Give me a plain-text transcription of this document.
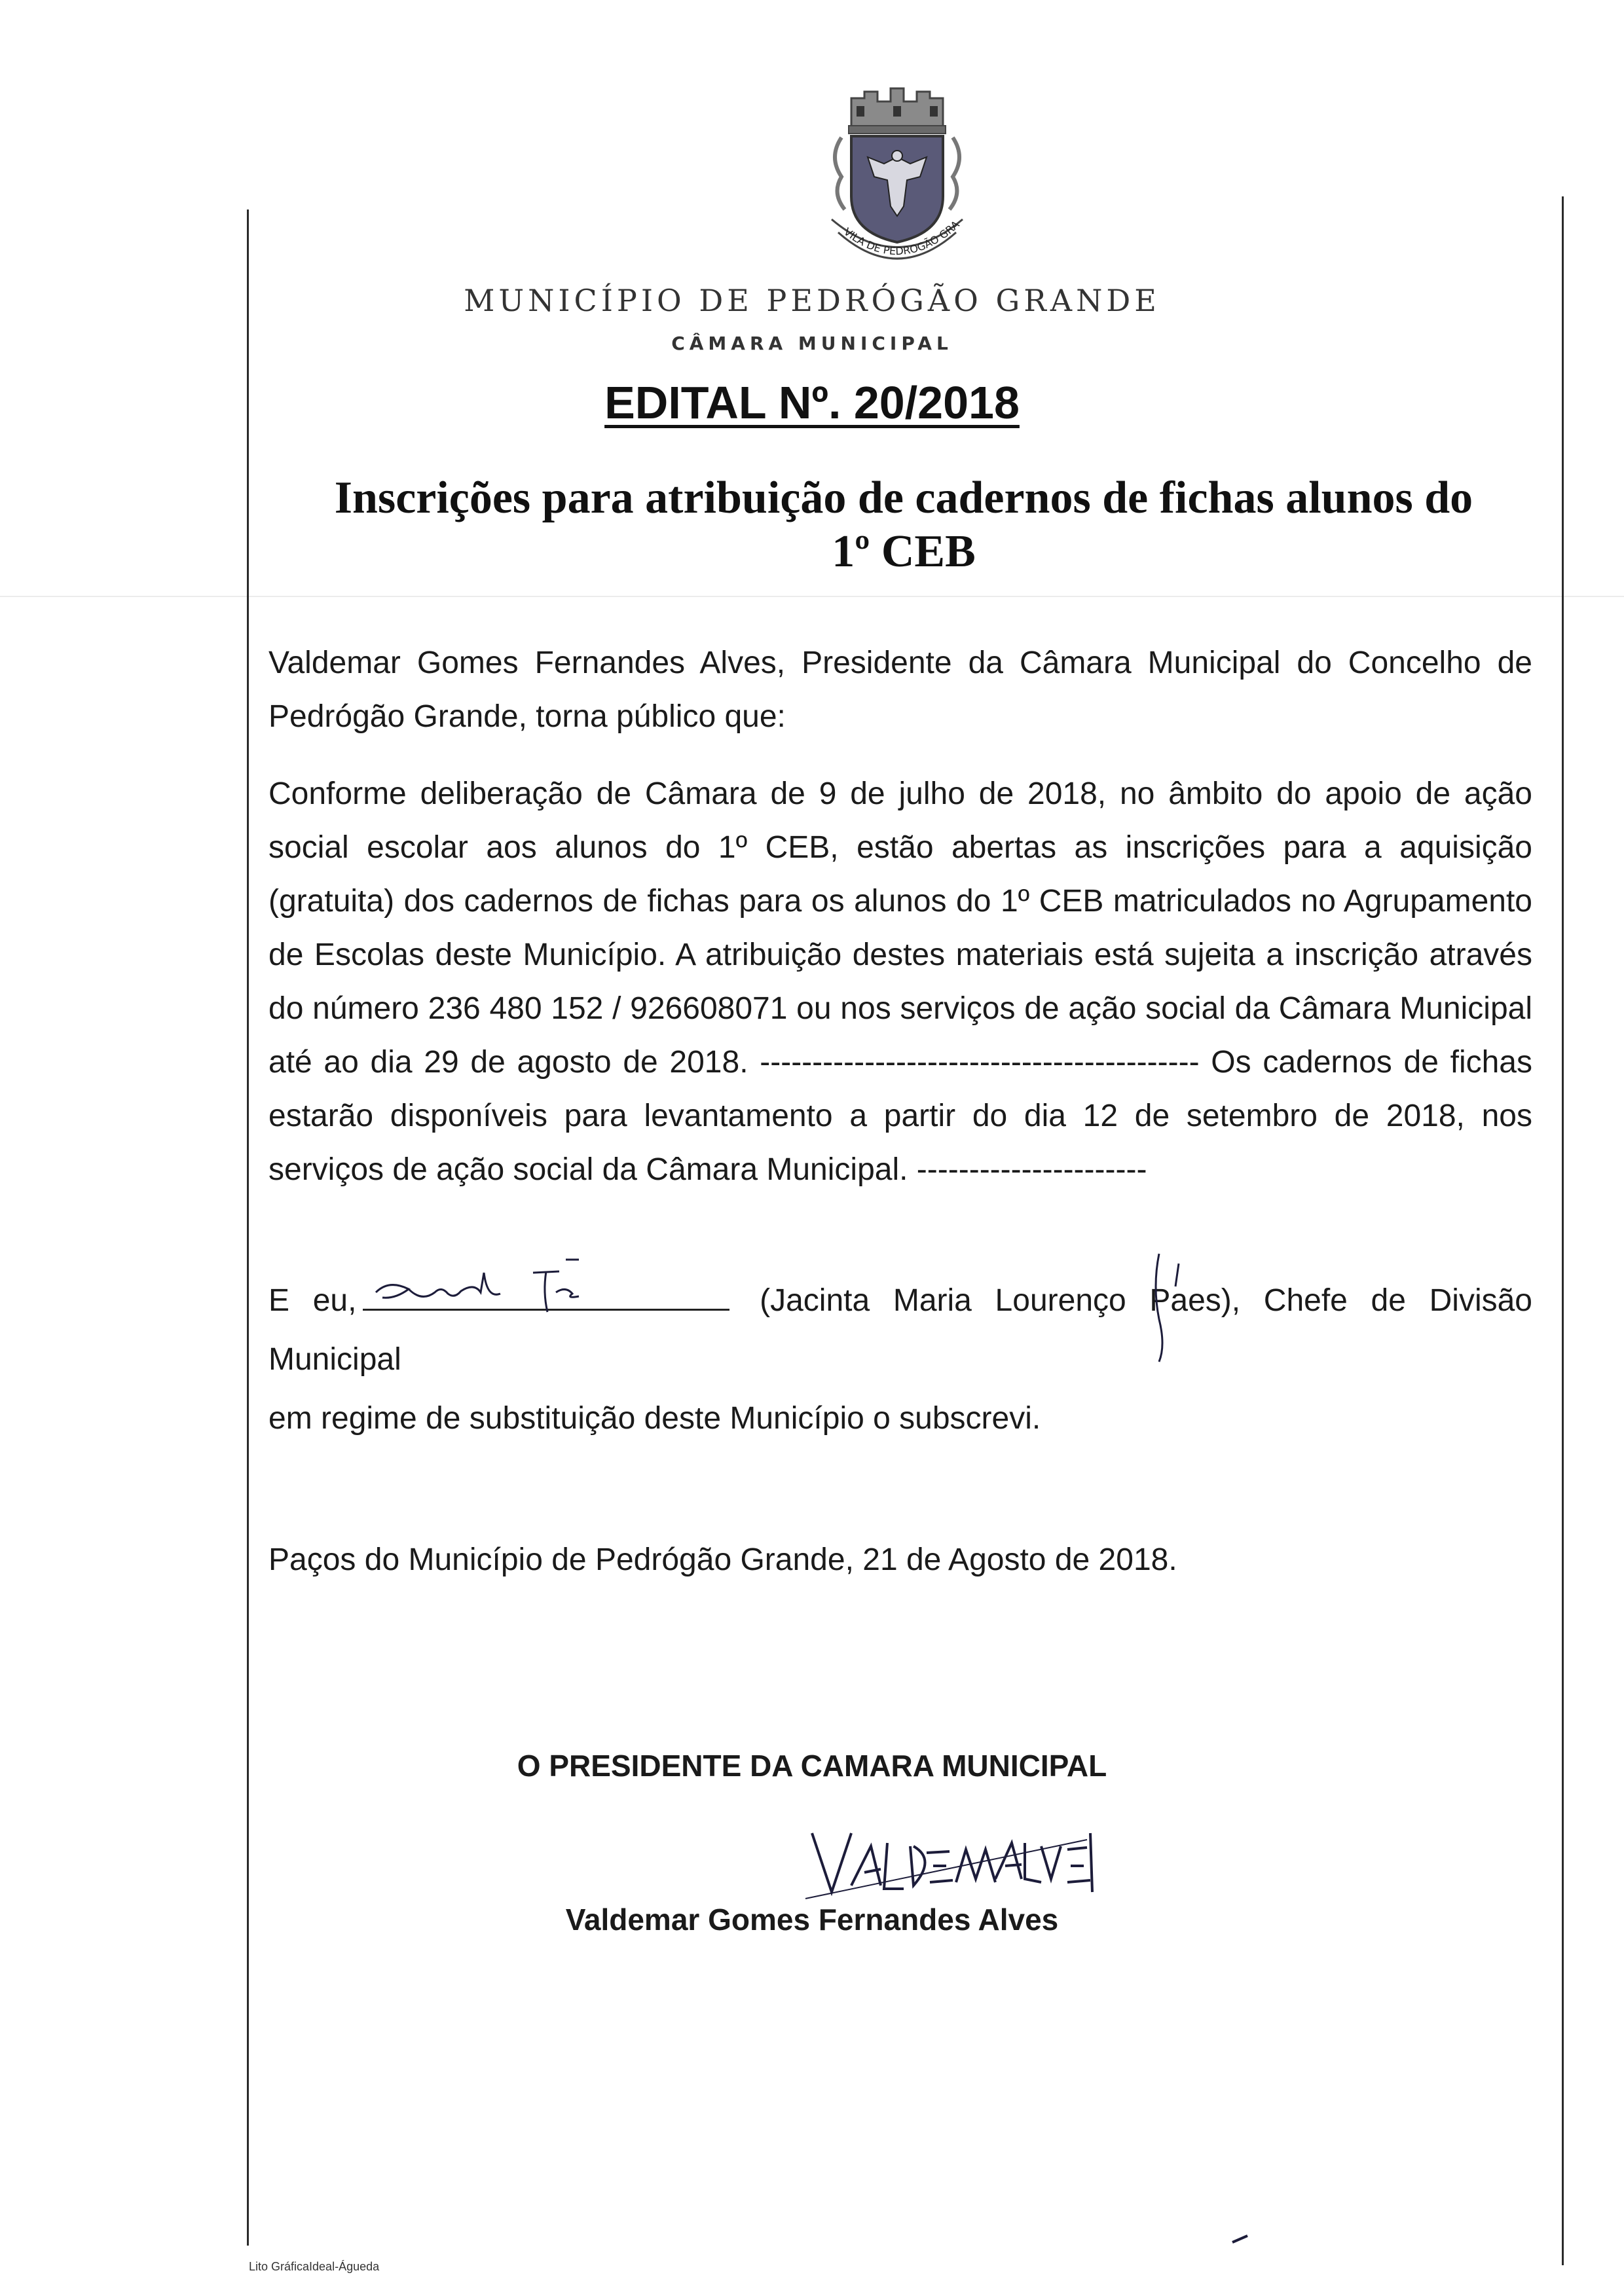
VILA DE PEDROGÃO GRA
MUNICÍPIO DE PEDRÓGÃO GRANDE
CÂMARA MUNICIPAL
EDITAL Nº. 20/2018
Inscrições para atribuição de cadernos de fichas alunos do
1º CEB
Valdemar Gomes Fernandes Alves, Presidente da Câmara Municipal do Concelho de Pedrógão Grande, torna público que:
Conforme deliberação de Câmara de 9 de julho de 2018, no âmbito do apoio de ação social escolar aos alunos do 1º CEB, estão abertas as inscrições para a aquisição (gratuita) dos cadernos de fichas para os alunos do 1º CEB matriculados no Agrupamento de Escolas deste Município. A atribuição destes materiais está sujeita a inscrição através do número 236 480 152 / 926608071 ou nos serviços de ação social da Câmara Municipal até ao dia 29 de agosto de 2018. ------------------------------------------ Os cadernos de fichas estarão disponíveis para levantamento a partir do dia 12 de setembro de 2018, nos serviços de ação social da Câmara Municipal. ----------------------
E eu,	(Jacinta Maria Lourenço Paes), Chefe de Divisão Municipal
em regime de substituição deste Município o subscrevi.
Paços do Município de Pedrógão Grande, 21 de Agosto de 2018.
O PRESIDENTE DA CAMARA MUNICIPAL
Valdemar Gomes Fernandes Alves
Lito GráficaIdeal-Águeda
